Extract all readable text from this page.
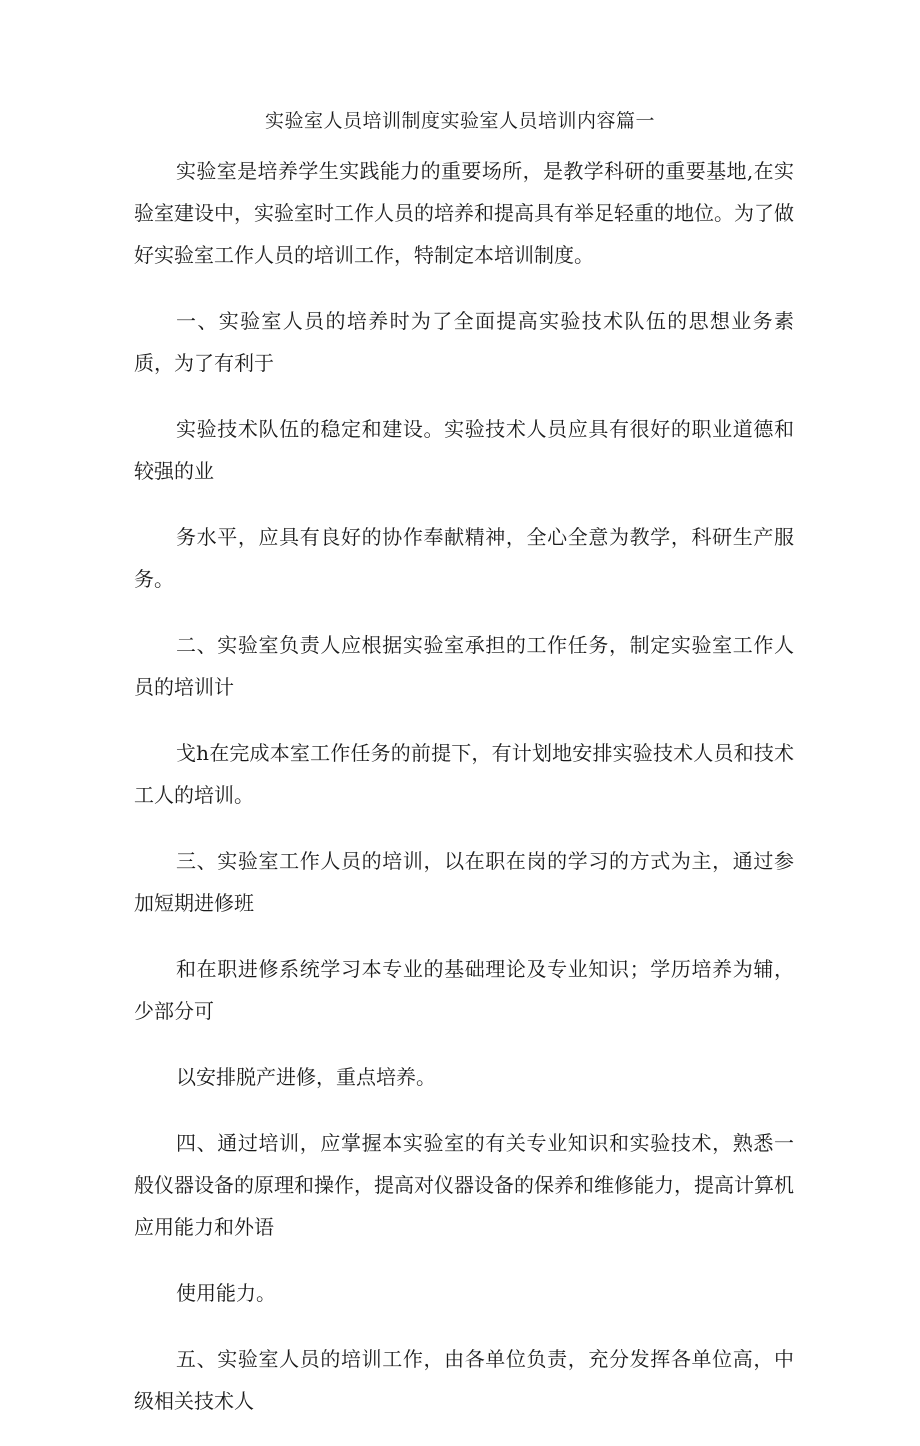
实验室人员培训制度实验室人员培训内容篇一

实验室是培养学生实践能力的重要场所，是教学科研的重要基地,在实验室建设中，实验室时工作人员的培养和提高具有举足轻重的地位。为了做好实验室工作人员的培训工作，特制定本培训制度。

一、实验室人员的培养时为了全面提高实验技术队伍的思想业务素质，为了有利于

实验技术队伍的稳定和建设。实验技术人员应具有很好的职业道德和较强的业

务水平，应具有良好的协作奉献精神，全心全意为教学，科研生产服务。

二、实验室负责人应根据实验室承担的工作任务，制定实验室工作人员的培训计

戈h在完成本室工作任务的前提下，有计划地安排实验技术人员和技术工人的培训。

三、实验室工作人员的培训，以在职在岗的学习的方式为主，通过参加短期进修班

和在职进修系统学习本专业的基础理论及专业知识；学历培养为辅，少部分可

以安排脱产进修，重点培养。

四、通过培训，应掌握本实验室的有关专业知识和实验技术，熟悉一般仪器设备的原理和操作，提高对仪器设备的保养和维修能力，提高计算机应用能力和外语

使用能力。

五、实验室人员的培训工作，由各单位负责，充分发挥各单位高，中级相关技术人
